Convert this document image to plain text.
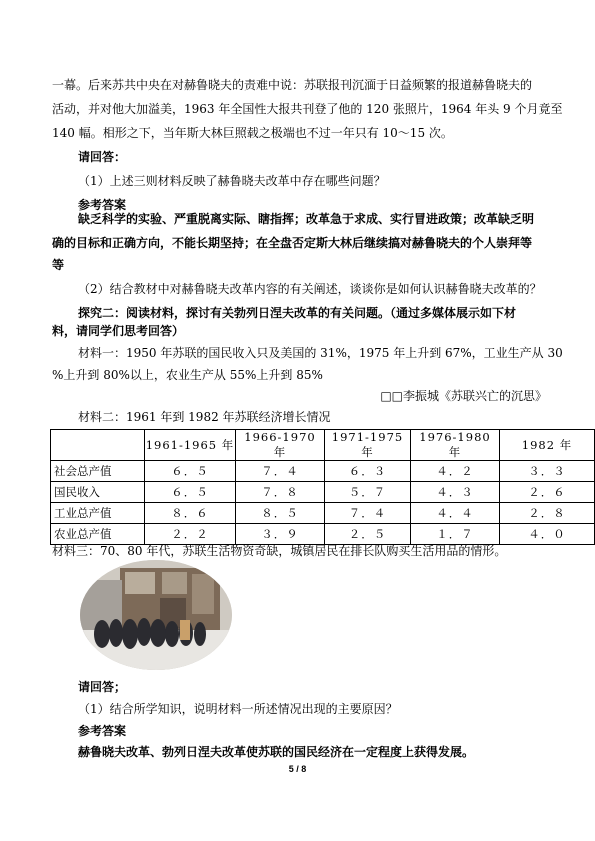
一幕。后来苏共中央在对赫鲁晓夫的责难中说：苏联报刊沉湎于日益频繁的报道赫鲁晓夫的
活动，并对他大加溢美，1963 年全国性大报共刊登了他的 120 张照片，1964 年头 9 个月竟至
140 幅。相形之下，当年斯大林巨照载之极端也不过一年只有 10～15 次。
请回答：
（1）上述三则材料反映了赫鲁晓夫改革中存在哪些问题？
参考答案
缺乏科学的实验、严重脱离实际、瞎指挥；改革急于求成、实行冒进政策；改革缺乏明
确的目标和正确方向，不能长期坚持；在全盘否定斯大林后继续搞对赫鲁晓夫的个人崇拜等
等
（2）结合教材中对赫鲁晓夫改革内容的有关阐述，谈谈你是如何认识赫鲁晓夫改革的？
探究二：阅读材料，探讨有关勃列日涅夫改革的有关问题。（通过多媒体展示如下材
料，请同学们思考回答）
材料一：1950 年苏联的国民收入只及美国的 31%，1975 年上升到 67%，工业生产从 30
%上升到 80%以上，农业生产从 55%上升到 85%
□□李振城《苏联兴亡的沉思》
材料二：1961 年到 1982 年苏联经济增长情况
	1961-1965 年	1966-1970 年	1971-1975 年	1976-1980 年	1982 年
社会总产值	６．５	７．４	６．３	４．２	３．３
国民收入	６．５	７．８	５．７	４．３	２．６
工业总产值	８．６	８．５	７．４	４．４	２．８
农业总产值	２．２	３．９	２．５	１．７	４．０
材料三：70、80 年代，苏联生活物资奇缺，城镇居民在排长队购买生活用品的情形。
请回答；
（1）结合所学知识，说明材料一所述情况出现的主要原因？
参考答案
赫鲁晓夫改革、勃列日涅夫改革使苏联的国民经济在一定程度上获得发展。
5 / 8
